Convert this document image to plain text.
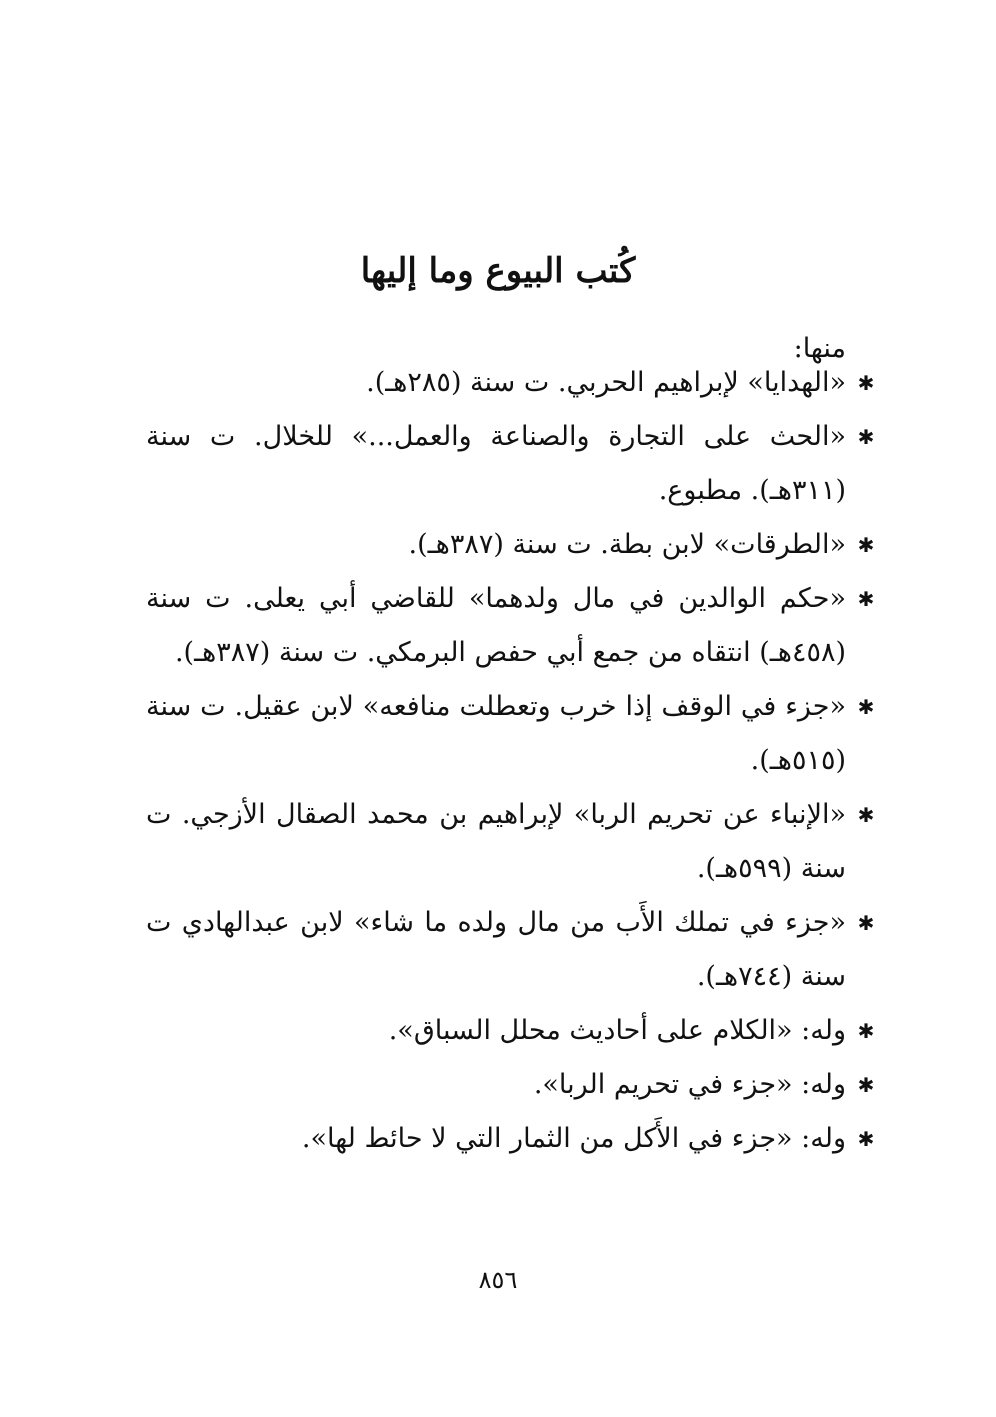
كُتب البيوع وما إليها

منها:

✱
«الهدايا» لإبراهيم الحربي. ت سنة (٢٨٥هـ).
✱
«الحث على التجارة والصناعة والعمل...» للخلال. ت سنة (٣١١هـ). مطبوع.
✱
«الطرقات» لابن بطة. ت سنة (٣٨٧هـ).
✱
«حكم الوالدين في مال ولدهما» للقاضي أبي يعلى. ت سنة (٤٥٨هـ) انتقاه من جمع أبي حفص البرمكي. ت سنة (٣٨٧هـ).
✱
«جزء في الوقف إذا خرب وتعطلت منافعه» لابن عقيل. ت سنة (٥١٥هـ).
✱
«الإنباء عن تحريم الربا» لإبراهيم بن محمد الصقال الأزجي. ت سنة (٥٩٩هـ).
✱
«جزء في تملك الأَب من مال ولده ما شاء» لابن عبدالهادي ت سنة (٧٤٤هـ).
✱
وله: «الكلام على أحاديث محلل السباق».
✱
وله: «جزء في تحريم الربا».
✱
وله: «جزء في الأَكل من الثمار التي لا حائط لها».
٨٥٦
